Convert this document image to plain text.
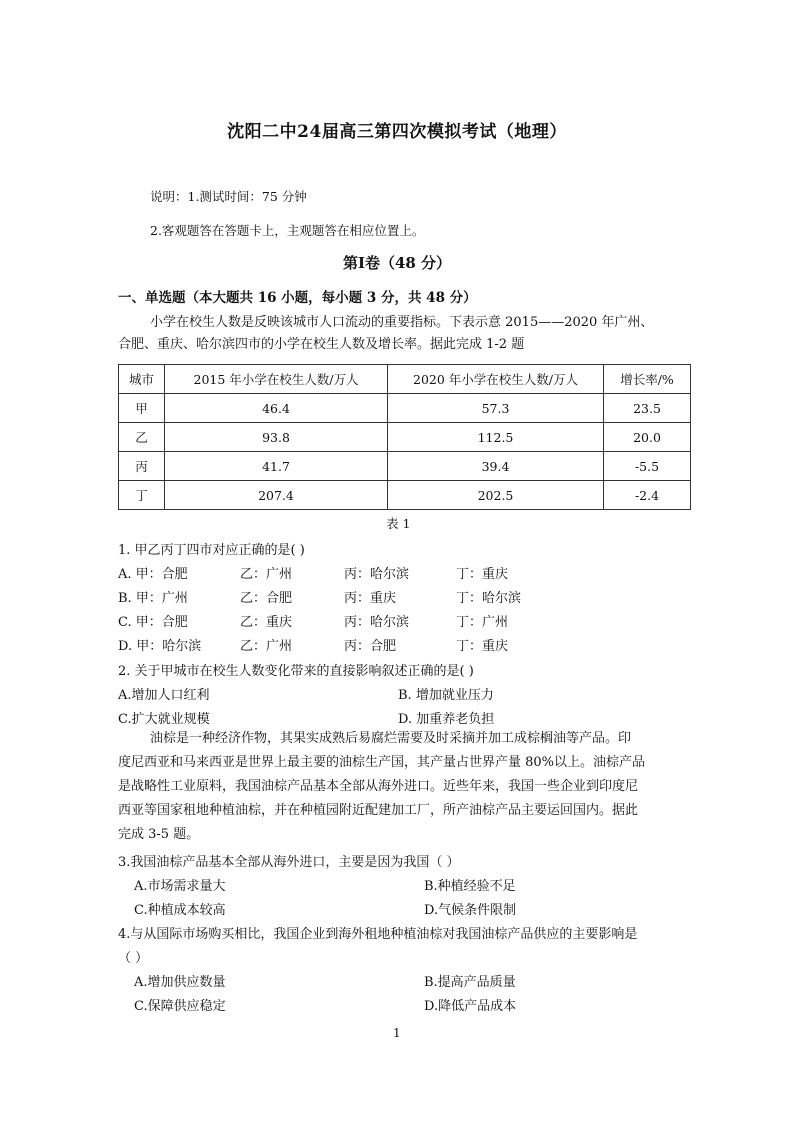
沈阳二中24届高三第四次模拟考试（地理）
说明：1.测试时间：75 分钟
2.客观题答在答题卡上，主观题答在相应位置上。
第Ⅰ卷（48 分）
一、单选题（本大题共 16 小题，每小题 3 分，共 48 分）
小学在校生人数是反映该城市人口流动的重要指标。下表示意 2015——2020 年广州、
合肥、重庆、哈尔滨四市的小学在校生人数及增长率。据此完成 1-2 题
城市	2015 年小学在校生人数/万人	2020 年小学在校生人数/万人	增长率/%
甲	46.4	57.3	23.5
乙	93.8	112.5	20.0
丙	41.7	39.4	-5.5
丁	207.4	202.5	-2.4
表 1
1. 甲乙丙丁四市对应正确的是( )
A. 甲：合肥	乙：广州	丙：哈尔滨	丁：重庆
B. 甲：广州	乙：合肥	丙：重庆	丁：哈尔滨
C. 甲：合肥	乙：重庆	丙：哈尔滨	丁：广州
D. 甲：哈尔滨	乙：广州	丙：合肥	丁：重庆
2. 关于甲城市在校生人数变化带来的直接影响叙述正确的是( )
A.增加人口红利	B. 增加就业压力
C.扩大就业规模	D. 加重养老负担
油棕是一种经济作物，其果实成熟后易腐烂需要及时采摘并加工成棕榈油等产品。印
度尼西亚和马来西亚是世界上最主要的油棕生产国，其产量占世界产量 80%以上。油棕产品
是战略性工业原料，我国油棕产品基本全部从海外进口。近些年来，我国一些企业到印度尼
西亚等国家租地种植油棕，并在种植园附近配建加工厂，所产油棕产品主要运回国内。据此
完成 3-5 题。
3.我国油棕产品基本全部从海外进口，主要是因为我国（ ）
A.市场需求量大	B.种植经验不足
C.种植成本较高	D.气候条件限制
4.与从国际市场购买相比，我国企业到海外租地种植油棕对我国油棕产品供应的主要影响是
（ ）
A.增加供应数量	B.提高产品质量
C.保障供应稳定	D.降低产品成本
1
